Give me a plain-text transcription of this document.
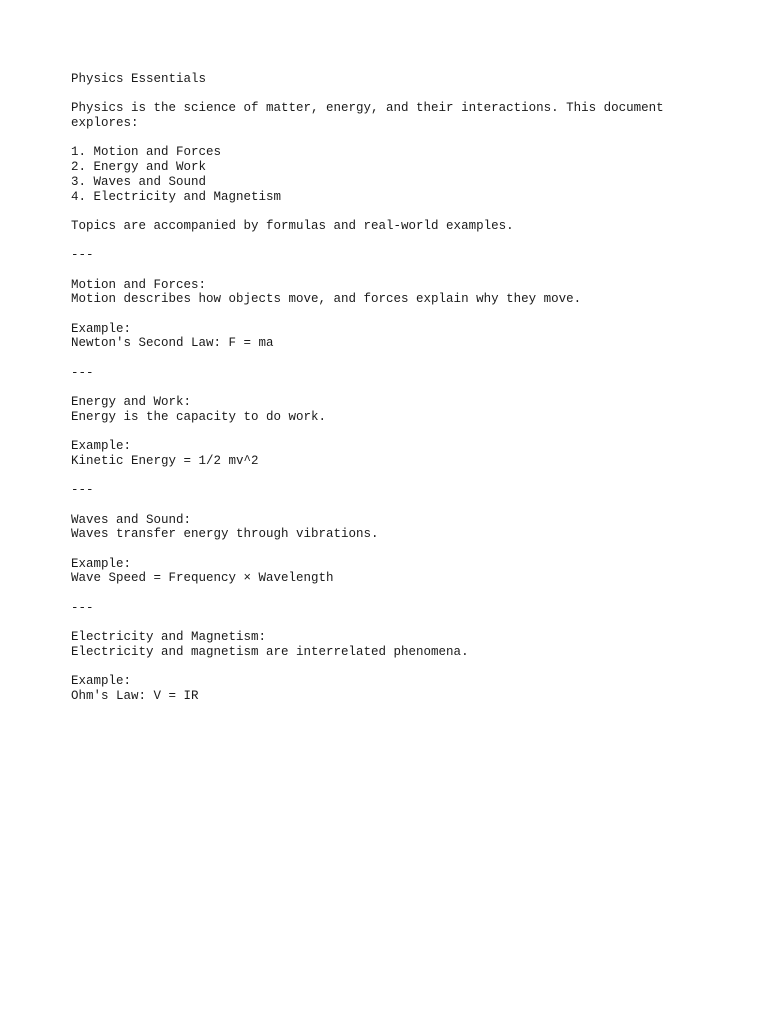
Physics Essentials
Physics is the science of matter, energy, and their interactions. This document
explores:
1. Motion and Forces
2. Energy and Work
3. Waves and Sound
4. Electricity and Magnetism
Topics are accompanied by formulas and real-world examples.
---
Motion and Forces:
Motion describes how objects move, and forces explain why they move.
Example:
Newton's Second Law: F = ma
---
Energy and Work:
Energy is the capacity to do work.
Example:
Kinetic Energy = 1/2 mv^2
---
Waves and Sound:
Waves transfer energy through vibrations.
Example:
Wave Speed = Frequency × Wavelength
---
Electricity and Magnetism:
Electricity and magnetism are interrelated phenomena.
Example:
Ohm's Law: V = IR
